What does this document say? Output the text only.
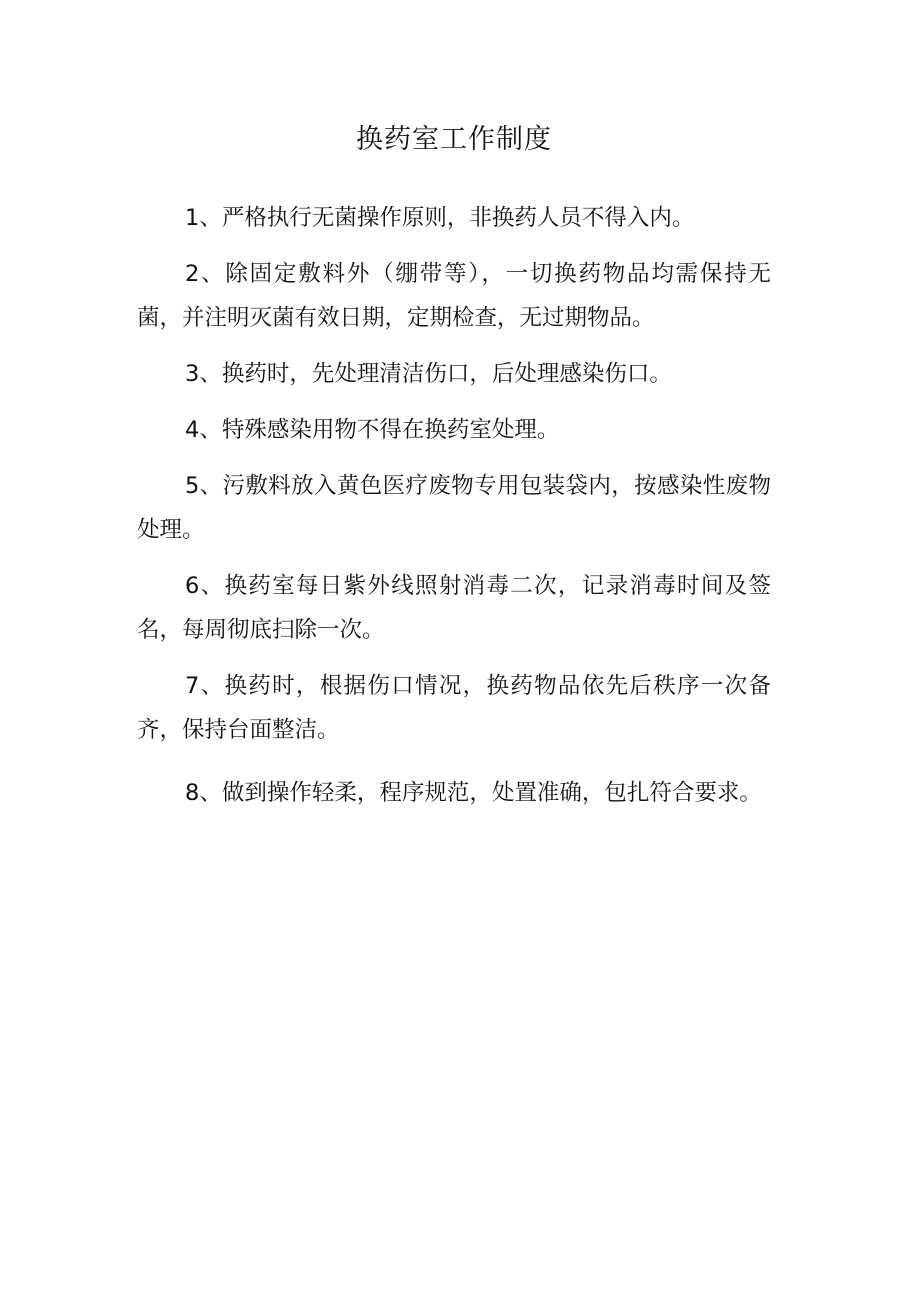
换药室工作制度
1、严格执行无菌操作原则，非换药人员不得入内。
2、除固定敷料外（绷带等），一切换药物品均需保持无菌，并注明灭菌有效日期，定期检查，无过期物品。
3、换药时，先处理清洁伤口，后处理感染伤口。
4、特殊感染用物不得在换药室处理。
5、污敷料放入黄色医疗废物专用包装袋内，按感染性废物处理。
6、换药室每日紫外线照射消毒二次，记录消毒时间及签名，每周彻底扫除一次。
7、换药时，根据伤口情况，换药物品依先后秩序一次备齐，保持台面整洁。
8、做到操作轻柔，程序规范，处置准确，包扎符合要求。
